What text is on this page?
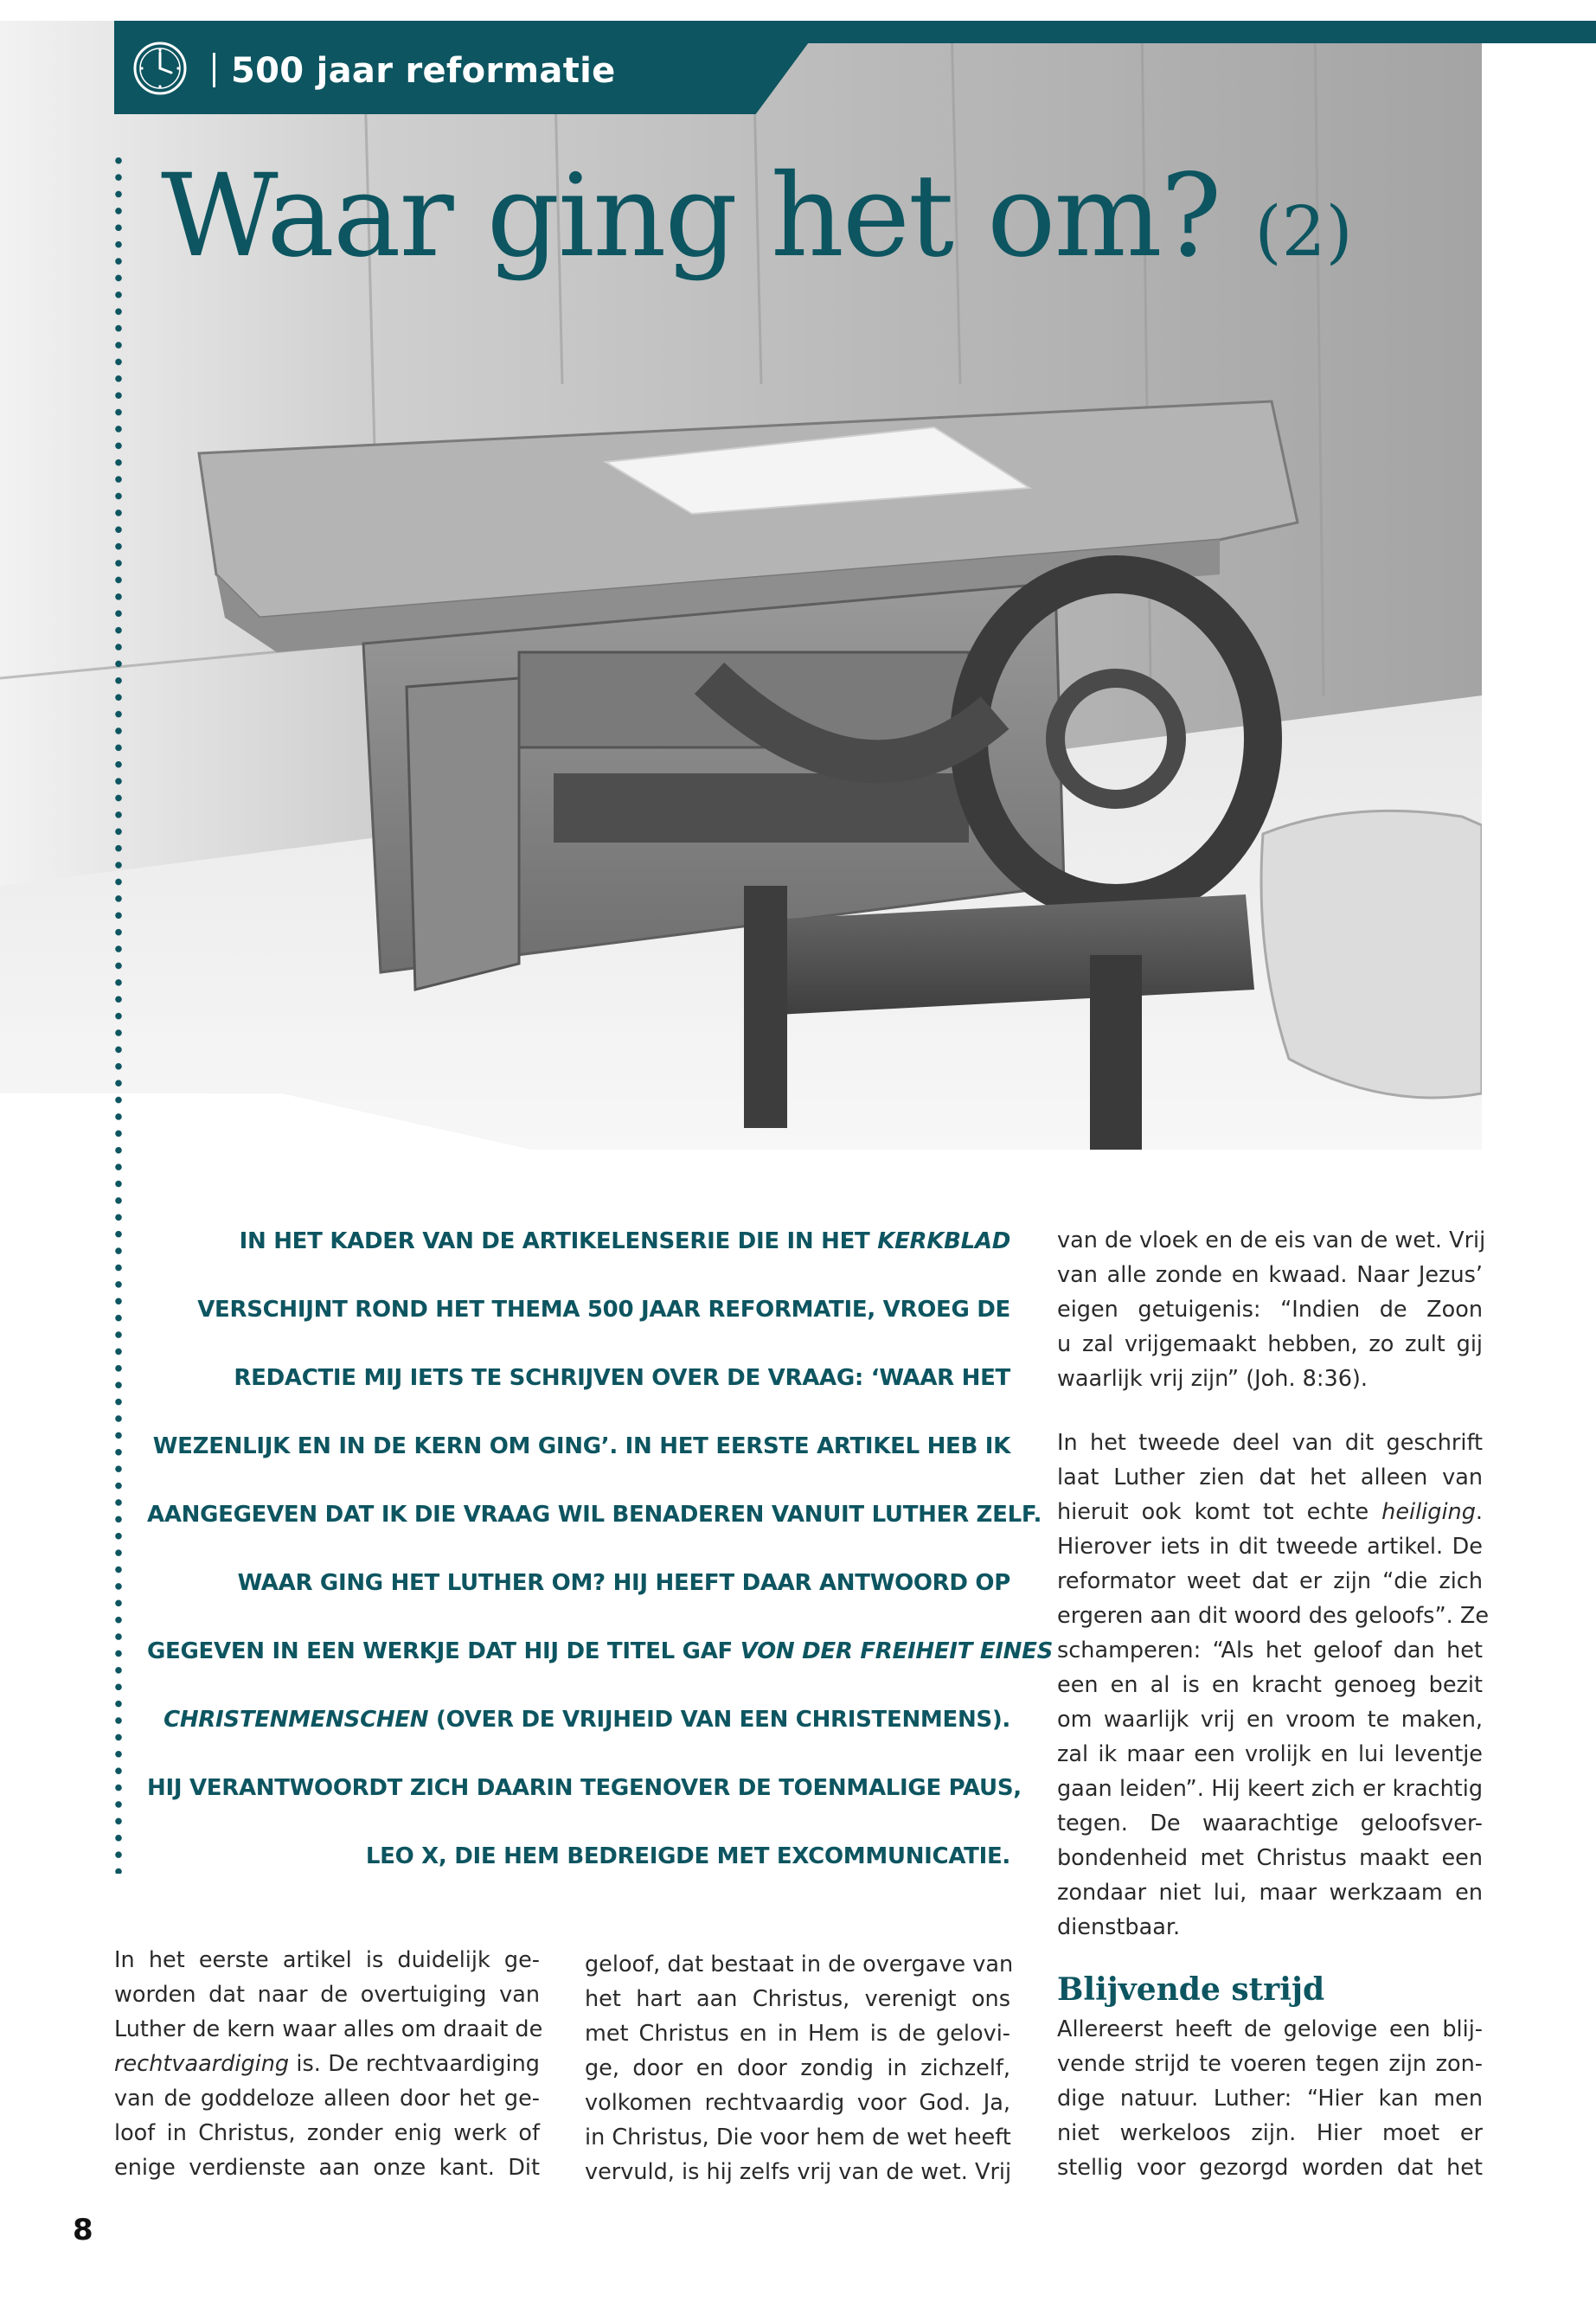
500 jaar reformatie
Waar ging het om? (2)
IN HET KADER VAN DE ARTIKELENSERIE DIE IN HET KERKBLAD
VERSCHIJNT ROND HET THEMA 500 JAAR REFORMATIE, VROEG DE
REDACTIE MIJ IETS TE SCHRIJVEN OVER DE VRAAG: ‘WAAR HET
WEZENLIJK EN IN DE KERN OM GING’. IN HET EERSTE ARTIKEL HEB IK
AANGEGEVEN DAT IK DIE VRAAG WIL BENADEREN VANUIT LUTHER ZELF.
WAAR GING HET LUTHER OM? HIJ HEEFT DAAR ANTWOORD OP
GEGEVEN IN EEN WERKJE DAT HIJ DE TITEL GAF VON DER FREIHEIT EINES
CHRISTENMENSCHEN (OVER DE VRIJHEID VAN EEN CHRISTENMENS).
HIJ VERANTWOORDT ZICH DAARIN TEGENOVER DE TOENMALIGE PAUS,
LEO X, DIE HEM BEDREIGDE MET EXCOMMUNICATIE.
In het eerste artikel is duidelijk ge-
worden dat naar de overtuiging van
Luther de kern waar alles om draait de
rechtvaardiging is. De rechtvaardiging
van de goddeloze alleen door het ge-
loof in Christus, zonder enig werk of
enige verdienste aan onze kant. Dit
geloof, dat bestaat in de overgave van
het hart aan Christus, verenigt ons
met Christus en in Hem is de gelovi-
ge, door en door zondig in zichzelf,
volkomen rechtvaardig voor God. Ja,
in Christus, Die voor hem de wet heeft
vervuld, is hij zelfs vrij van de wet. Vrij
van de vloek en de eis van de wet. Vrij
van alle zonde en kwaad. Naar Jezus’
eigen getuigenis: “Indien de Zoon
u zal vrijgemaakt hebben, zo zult gij
waarlijk vrij zijn” (Joh. 8:36).
In het tweede deel van dit geschrift
laat Luther zien dat het alleen van
hieruit ook komt tot echte heiliging.
Hierover iets in dit tweede artikel. De
reformator weet dat er zijn “die zich
ergeren aan dit woord des geloofs”. Ze
schamperen: “Als het geloof dan het
een en al is en kracht genoeg bezit
om waarlijk vrij en vroom te maken,
zal ik maar een vrolijk en lui leventje
gaan leiden”. Hij keert zich er krachtig
tegen. De waarachtige geloofsver-
bondenheid met Christus maakt een
zondaar niet lui, maar werkzaam en
dienstbaar.
Blijvende strijd
Allereerst heeft de gelovige een blij-
vende strijd te voeren tegen zijn zon-
dige natuur. Luther: “Hier kan men
niet werkeloos zijn. Hier moet er
stellig voor gezorgd worden dat het
8
